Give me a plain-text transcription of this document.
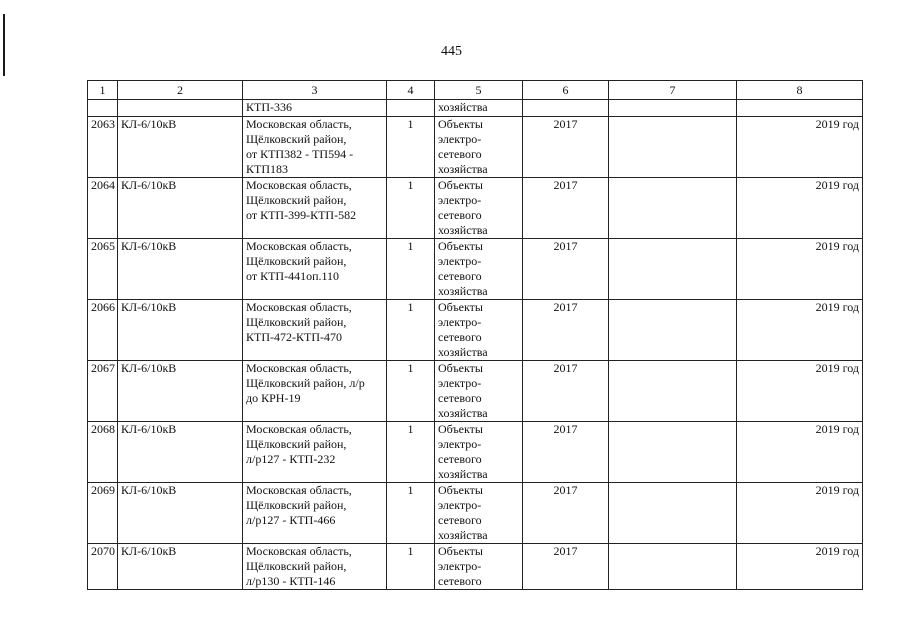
445
1	2	3	4	5	6	7	8
		КТП-336		хозяйства			
2063	КЛ-6/10кВ	Московская область,
Щёлковский район,
от КТП382 - ТП594 -
КТП183	1	Объекты
электро-
сетевого
хозяйства	2017		2019 год
2064	КЛ-6/10кВ	Московская область,
Щёлковский район,
от КТП-399-КТП-582	1	Объекты
электро-
сетевого
хозяйства	2017		2019 год
2065	КЛ-6/10кВ	Московская область,
Щёлковский район,
от КТП-441оп.110	1	Объекты
электро-
сетевого
хозяйства	2017		2019 год
2066	КЛ-6/10кВ	Московская область,
Щёлковский район,
КТП-472-КТП-470	1	Объекты
электро-
сетевого
хозяйства	2017		2019 год
2067	КЛ-6/10кВ	Московская область,
Щёлковский район, л/р
до КРН-19	1	Объекты
электро-
сетевого
хозяйства	2017		2019 год
2068	КЛ-6/10кВ	Московская область,
Щёлковский район,
л/р127 - КТП-232	1	Объекты
электро-
сетевого
хозяйства	2017		2019 год
2069	КЛ-6/10кВ	Московская область,
Щёлковский район,
л/р127 - КТП-466	1	Объекты
электро-
сетевого
хозяйства	2017		2019 год
2070	КЛ-6/10кВ	Московская область,
Щёлковский район,
л/р130 - КТП-146	1	Объекты
электро-
сетевого	2017		2019 год
